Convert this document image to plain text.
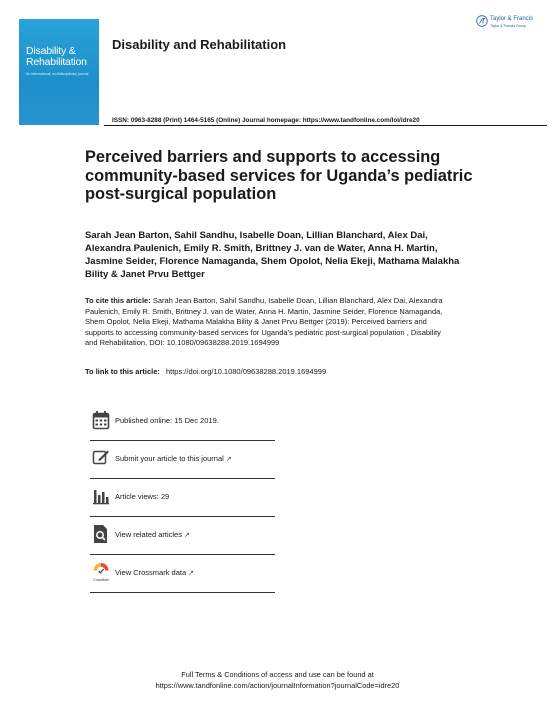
Disability & Rehabilitation
An international, multidisciplinary journal
Disability and Rehabilitation
Taylor & Francis
Taylor & Francis Group
ISSN: 0963-8288 (Print) 1464-5165 (Online) Journal homepage: https://www.tandfonline.com/loi/idre20
Perceived barriers and supports to accessing community-based services for Uganda’s pediatric post-surgical population
Sarah Jean Barton, Sahil Sandhu, Isabelle Doan, Lillian Blanchard, Alex Dai, Alexandra Paulenich, Emily R. Smith, Brittney J. van de Water, Anna H. Martin, Jasmine Seider, Florence Namaganda, Shem Opolot, Nelia Ekeji, Mathama Malakha Bility & Janet Prvu Bettger
To cite this article: Sarah Jean Barton, Sahil Sandhu, Isabelle Doan, Lillian Blanchard, Alex Dai, Alexandra Paulenich, Emily R. Smith, Brittney J. van de Water, Anna H. Martin, Jasmine Seider, Florence Namaganda, Shem Opolot, Nelia Ekeji, Mathama Malakha Bility & Janet Prvu Bettger (2019): Perceived barriers and supports to accessing community-based services for Uganda’s pediatric post-surgical population , Disability and Rehabilitation, DOI: 10.1080/09638288.2019.1694999
To link to this article: https://doi.org/10.1080/09638288.2019.1694999
Published online: 15 Dec 2019.
Submit your article to this journal ↗
Article views: 29
View related articles ↗
CrossMark
View Crossmark data ↗
Full Terms & Conditions of access and use can be found at
https://www.tandfonline.com/action/journalInformation?journalCode=idre20
